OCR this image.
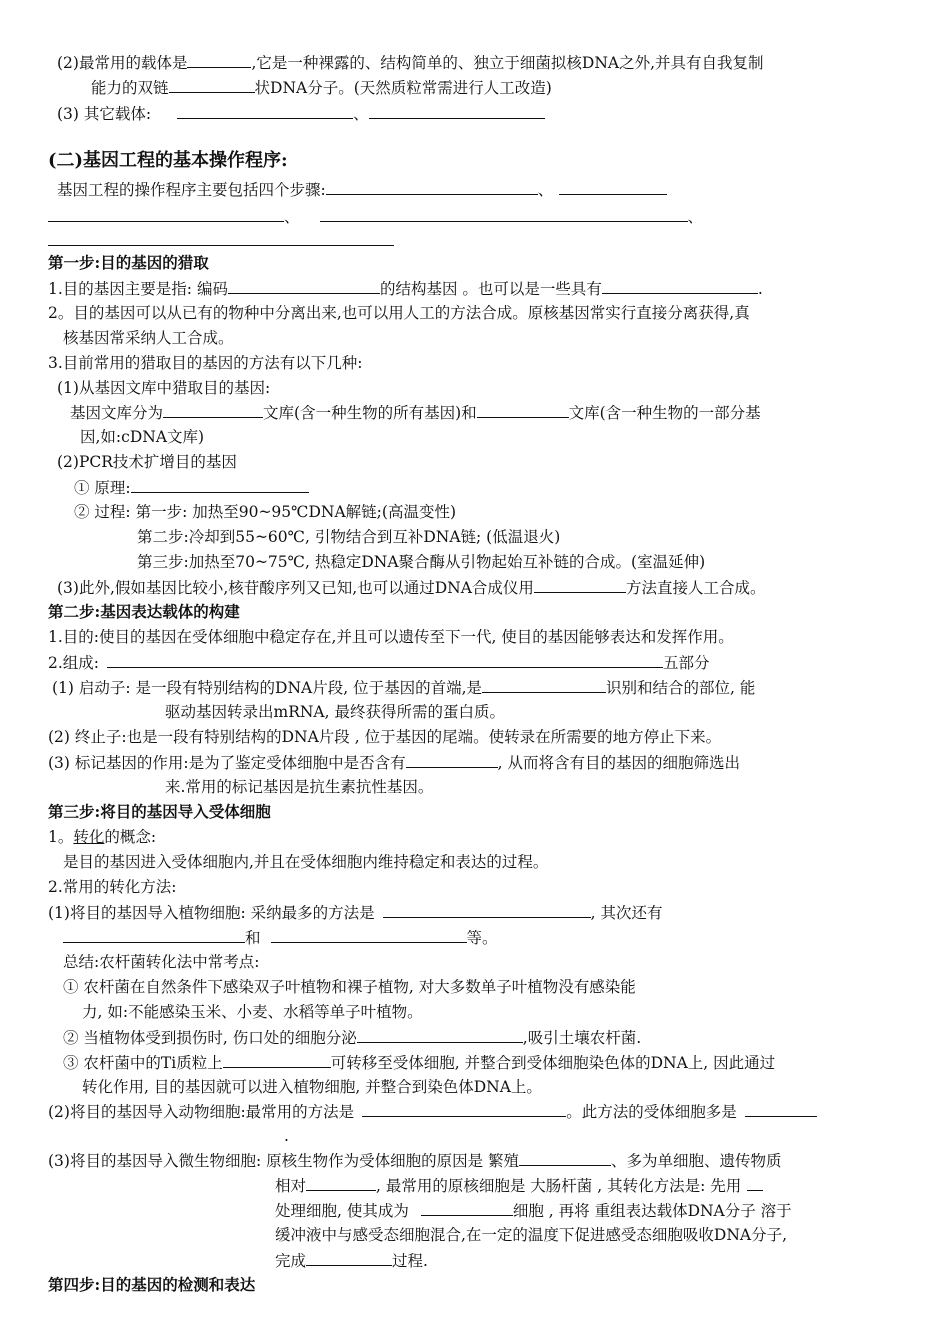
(2)最常用的载体是	,它是一种裸露的、结构简单的、独立于细菌拟核DNA之外,并具有自我复制
能力的双链	状DNA分子。(天然质粒常需进行人工改造)
(3) 其它载体:	、
(二)基因工程的基本操作程序:
基因工程的操作程序主要包括四个步骤:	、
、	、
第一步:目的基因的猎取
1.目的基因主要是指: 编码	的结构基因 。也可以是一些具有	.
2。目的基因可以从已有的物种中分离出来,也可以用人工的方法合成。原核基因常实行直接分离获得,真
核基因常采纳人工合成。
3.目前常用的猎取目的基因的方法有以下几种:
(1)从基因文库中猎取目的基因:
基因文库分为	文库(含一种生物的所有基因)和	文库(含一种生物的一部分基
因,如:cDNA文库)
(2)PCR技术扩增目的基因
① 原理:
② 过程: 第一步: 加热至90~95℃DNA解链;(高温变性)
第二步:冷却到55~60℃, 引物结合到互补DNA链; (低温退火)
第三步:加热至70~75℃, 热稳定DNA聚合酶从引物起始互补链的合成。(室温延伸)
(3)此外,假如基因比较小,核苷酸序列又已知,也可以通过DNA合成仪用	方法直接人工合成。
第二步:基因表达载体的构建
1.目的:使目的基因在受体细胞中稳定存在,并且可以遗传至下一代, 使目的基因能够表达和发挥作用。
2.组成:	五部分
(1) 启动子: 是一段有特别结构的DNA片段, 位于基因的首端,是	识别和结合的部位, 能
驱动基因转录出mRNA, 最终获得所需的蛋白质。
(2) 终止子:也是一段有特别结构的DNA片段 , 位于基因的尾端。使转录在所需要的地方停止下来。
(3) 标记基因的作用:是为了鉴定受体细胞中是否含有	, 从而将含有目的基因的细胞筛选出
来.常用的标记基因是抗生素抗性基因。
第三步:将目的基因导入受体细胞
1。转化的概念:
是目的基因进入受体细胞内,并且在受体细胞内维持稳定和表达的过程。
2.常用的转化方法:
(1)将目的基因导入植物细胞: 采纳最多的方法是	, 其次还有
和	等。
总结:农杆菌转化法中常考点:
① 农杆菌在自然条件下感染双子叶植物和裸子植物, 对大多数单子叶植物没有感染能
力, 如:不能感染玉米、小麦、水稻等单子叶植物。
② 当植物体受到损伤时, 伤口处的细胞分泌	,吸引土壤农杆菌.
③ 农杆菌中的Ti质粒上	可转移至受体细胞, 并整合到受体细胞染色体的DNA上, 因此通过
转化作用, 目的基因就可以进入植物细胞, 并整合到染色体DNA上。
(2)将目的基因导入动物细胞:最常用的方法是	。此方法的受体细胞多是
.
(3)将目的基因导入微生物细胞: 原核生物作为受体细胞的原因是 繁殖	、多为单细胞、遗传物质
相对	, 最常用的原核细胞是 大肠杆菌 , 其转化方法是: 先用
处理细胞, 使其成为	细胞 , 再将 重组表达载体DNA分子 溶于
缓冲液中与感受态细胞混合,在一定的温度下促进感受态细胞吸收DNA分子,
完成	过程.
第四步:目的基因的检测和表达
